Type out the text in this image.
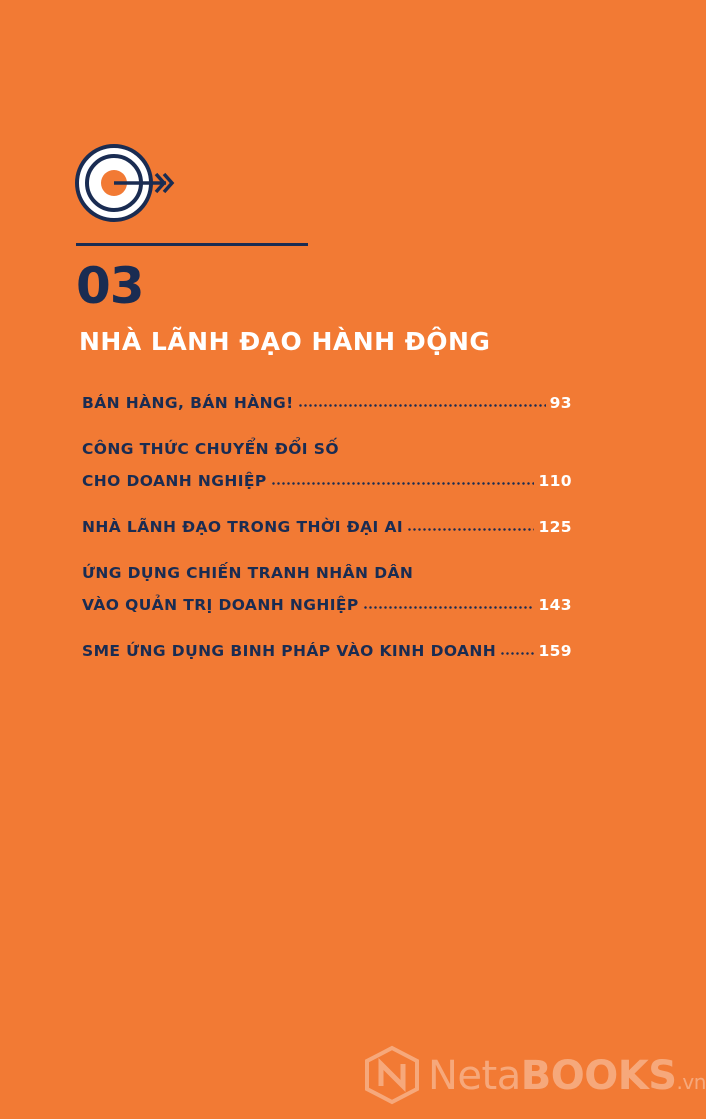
03
NHÀ LÃNH ĐẠO HÀNH ĐỘNG
BÁN HÀNG, BÁN HÀNG!	93
CÔNG THỨC CHUYỂN ĐỔI SỐ
CHO DOANH NGHIỆP	110
NHÀ LÃNH ĐẠO TRONG THỜI ĐẠI AI	125
ỨNG DỤNG CHIẾN TRANH NHÂN DÂN
VÀO QUẢN TRỊ DOANH NGHIỆP	143
SME ỨNG DỤNG BINH PHÁP VÀO KINH DOANH	159
NetaBOOKS.vn
